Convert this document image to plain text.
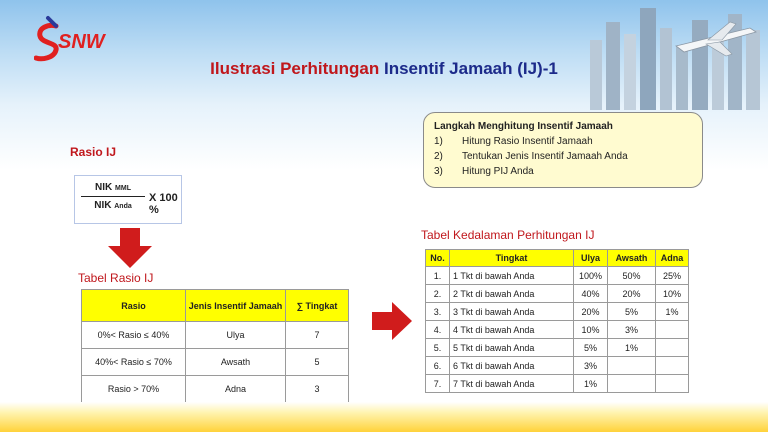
SNW
Ilustrasi Perhitungan Insentif Jamaah (IJ)-1
Langkah Menghitung Insentif Jamaah
1)	Hitung Rasio Insentif Jamaah
2)	Tentukan Jenis Insentif Jamaah Anda
3)	Hitung PIJ Anda
Rasio IJ
NIK MML
NIK Anda
X 100 %
Tabel Rasio IJ
Rasio	Jenis Insentif Jamaah	∑ Tingkat
0%< Rasio ≤ 40%	Ulya	7
40%< Rasio ≤ 70%	Awsath	5
Rasio > 70%	Adna	3
Tabel Kedalaman Perhitungan IJ
No.	Tingkat	Ulya	Awsath	Adna
1.	1 Tkt di bawah Anda	100%	50%	25%
2.	2 Tkt di bawah Anda	40%	20%	10%
3.	3 Tkt di bawah Anda	20%	5%	1%
4.	4 Tkt di bawah Anda	10%	3%	
5.	5 Tkt di bawah Anda	5%	1%	
6.	6 Tkt di bawah Anda	3%		
7.	7 Tkt di bawah Anda	1%		
